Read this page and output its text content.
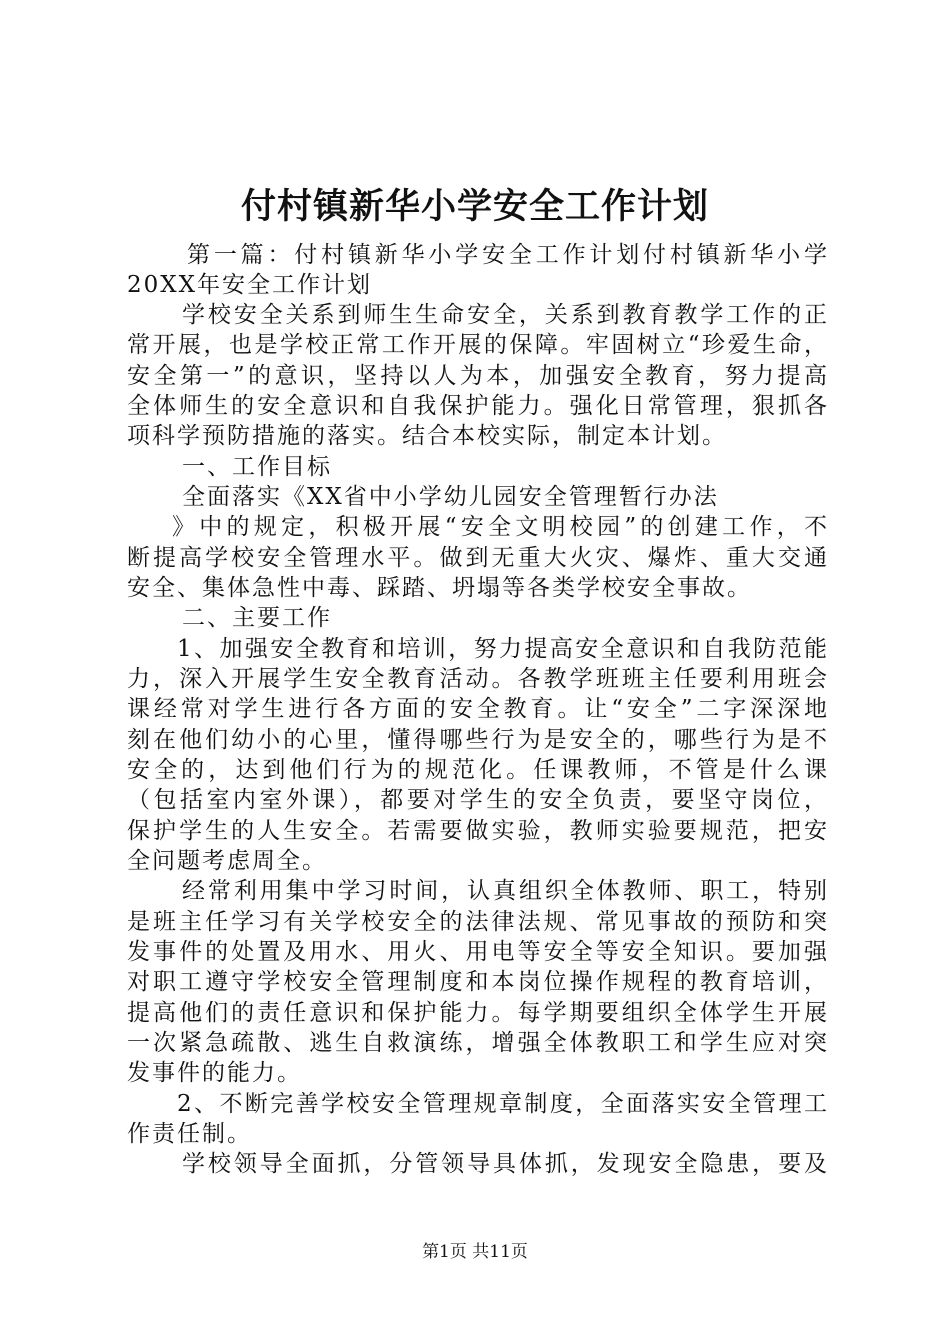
付村镇新华小学安全工作计划
第一篇：付村镇新华小学安全工作计划付村镇新华小学
20XX年安全工作计划
学校安全关系到师生生命安全，关系到教育教学工作的正
常开展，也是学校正常工作开展的保障。牢固树立“珍爱生命，
安全第一”的意识，坚持以人为本，加强安全教育，努力提高
全体师生的安全意识和自我保护能力。强化日常管理，狠抓各
项科学预防措施的落实。结合本校实际，制定本计划。
一、工作目标
全面落实《XX省中小学幼儿园安全管理暂行办法
》中的规定，积极开展“安全文明校园”的创建工作，不
断提高学校安全管理水平。做到无重大火灾、爆炸、重大交通
安全、集体急性中毒、踩踏、坍塌等各类学校安全事故。
二、主要工作
1、加强安全教育和培训，努力提高安全意识和自我防范能
力，深入开展学生安全教育活动。各教学班班主任要利用班会
课经常对学生进行各方面的安全教育。让“安全”二字深深地
刻在他们幼小的心里，懂得哪些行为是安全的，哪些行为是不
安全的，达到他们行为的规范化。任课教师，不管是什么课
（包括室内室外课），都要对学生的安全负责，要坚守岗位，
保护学生的人生安全。若需要做实验，教师实验要规范，把安
全问题考虑周全。
经常利用集中学习时间，认真组织全体教师、职工，特别
是班主任学习有关学校安全的法律法规、常见事故的预防和突
发事件的处置及用水、用火、用电等安全等安全知识。要加强
对职工遵守学校安全管理制度和本岗位操作规程的教育培训，
提高他们的责任意识和保护能力。每学期要组织全体学生开展
一次紧急疏散、逃生自救演练，增强全体教职工和学生应对突
发事件的能力。
2、不断完善学校安全管理规章制度，全面落实安全管理工
作责任制。
学校领导全面抓，分管领导具体抓，发现安全隐患，要及
第1页 共11页
